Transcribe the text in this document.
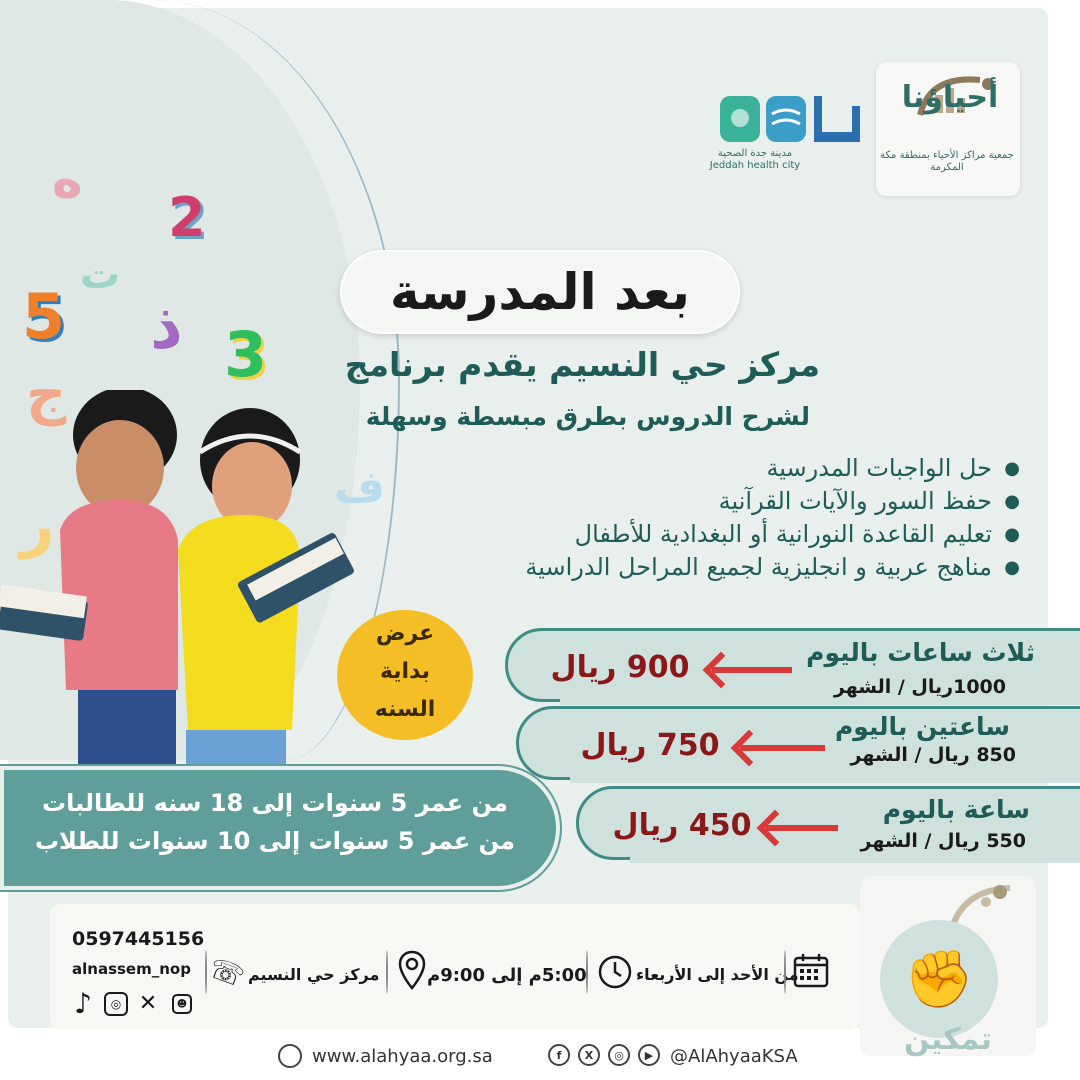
ه
2
ت
5 ذ 3
ج
ف
ر
أحياؤنا
جمعية مراكز الأحياء بمنطقة مكة المكرمة
مدينة جدة الصحية
Jeddah health city
بعد المدرسة
مركز حي النسيم يقدم برنامج
لشرح الدروس بطرق مبسطة وسهلة
●
حل الواجبات المدرسية
●
حفظ السور والآيات القرآنية
●
تعليم القاعدة النورانية أو البغدادية للأطفال
●
مناهج عربية و انجليزية لجميع المراحل الدراسية
عرض
بداية
السنه
ثلاث ساعات باليوم
1000ريال / الشهر
900 ريال
ساعتين باليوم
850 ريال / الشهر
750 ريال
ساعة باليوم
550 ريال / الشهر
450 ريال
من عمر 5 سنوات إلى 18 سنه للطالبات
من عمر 5 سنوات إلى 10 سنوات للطلاب
0597445156
alnassem_nop
♪	◎ ✕	☻
☏
مركز حي النسيم	5:00م إلى 9:00م	من الأحد إلى الأربعاء	✊
تمكين
www.alahyaa.org.sa	f	X	◎	▶ @AlAhyaaKSA
